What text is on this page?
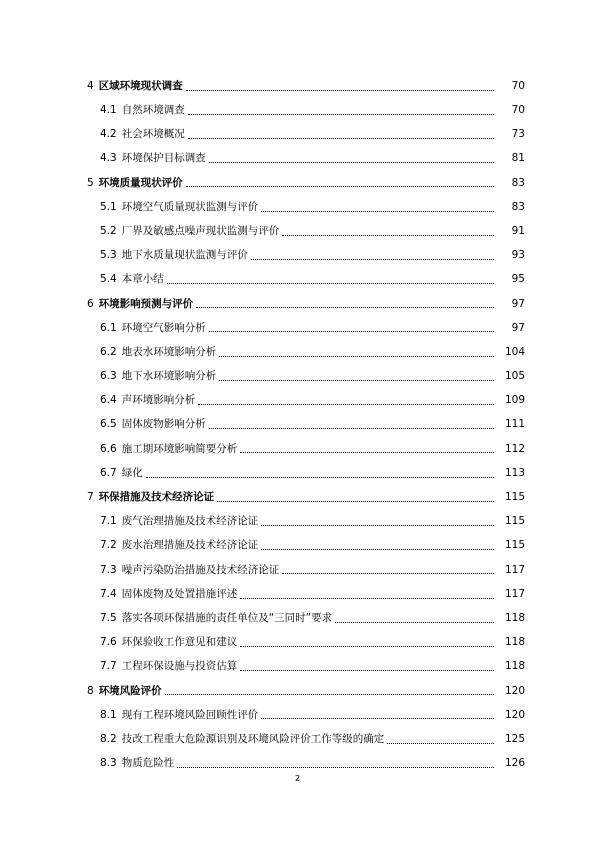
4 区域环境现状调查	70
4.1 自然环境调查	70
4.2 社会环境概况	73
4.3 环境保护目标调查	81
5 环境质量现状评价	83
5.1 环境空气质量现状监测与评价	83
5.2 厂界及敏感点噪声现状监测与评价	91
5.3 地下水质量现状监测与评价	93
5.4 本章小结	95
6 环境影响预测与评价	97
6.1 环境空气影响分析	97
6.2 地表水环境影响分析	104
6.3 地下水环境影响分析	105
6.4 声环境影响分析	109
6.5 固体废物影响分析	111
6.6 施工期环境影响简要分析	112
6.7 绿化	113
7 环保措施及技术经济论证	115
7.1 废气治理措施及技术经济论证	115
7.2 废水治理措施及技术经济论证	115
7.3 噪声污染防治措施及技术经济论证	117
7.4 固体废物及处置措施评述	117
7.5 落实各项环保措施的责任单位及“三同时”要求	118
7.6 环保验收工作意见和建议	118
7.7 工程环保设施与投资估算	118
8 环境风险评价	120
8.1 现有工程环境风险回顾性评价	120
8.2 技改工程重大危险源识别及环境风险评价工作等级的确定	125
8.3 物质危险性	126
2
